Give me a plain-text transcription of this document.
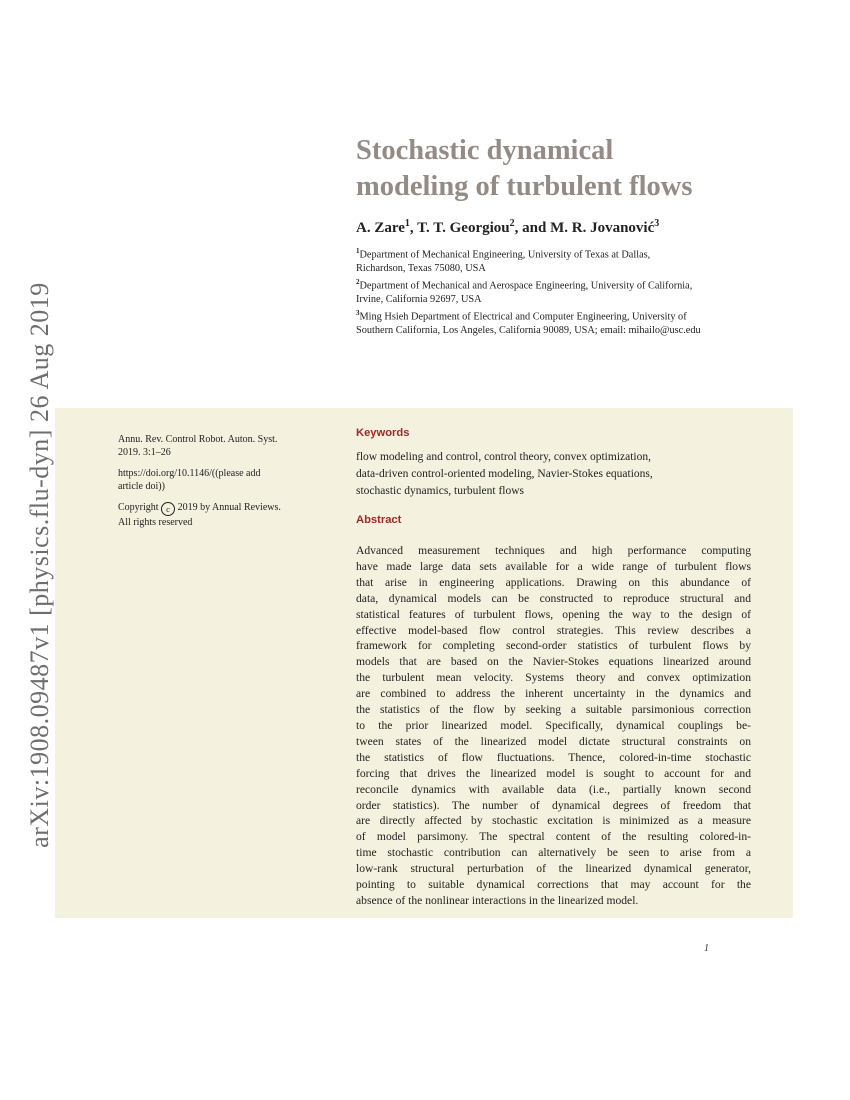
arXiv:1908.09487v1 [physics.flu-dyn] 26 Aug 2019
Stochastic dynamical
modeling of turbulent flows
A. Zare$^1$, T. T. Georgiou$^2$, and M. R. Jovanović$^3$

$^1$Department of Mechanical Engineering, University of Texas at Dallas,
Richardson, Texas 75080, USA

$^2$Department of Mechanical and Aerospace Engineering, University of California,
Irvine, California 92697, USA

$^3$Ming Hsieh Department of Electrical and Computer Engineering, University of
Southern California, Los Angeles, California 90089, USA; email: mihailo@usc.edu

Annu. Rev. Control Robot. Auton. Syst.
2019. 3:1–26

https://doi.org/10.1146/((please add
article doi))

Copyright c 2019 by Annual Reviews.
All rights reserved

Keywords
flow modeling and control, control theory, convex optimization,
data-driven control-oriented modeling, Navier-Stokes equations,
stochastic dynamics, turbulent flows
Abstract
Advanced measurement techniques and high performance computing
have made large data sets available for a wide range of turbulent flows
that arise in engineering applications. Drawing on this abundance of
data, dynamical models can be constructed to reproduce structural and
statistical features of turbulent flows, opening the way to the design of
effective model-based flow control strategies. This review describes a
framework for completing second-order statistics of turbulent flows by
models that are based on the Navier-Stokes equations linearized around
the turbulent mean velocity. Systems theory and convex optimization
are combined to address the inherent uncertainty in the dynamics and
the statistics of the flow by seeking a suitable parsimonious correction
to the prior linearized model. Specifically, dynamical couplings be-
tween states of the linearized model dictate structural constraints on
the statistics of flow fluctuations. Thence, colored-in-time stochastic
forcing that drives the linearized model is sought to account for and
reconcile dynamics with available data (i.e., partially known second
order statistics). The number of dynamical degrees of freedom that
are directly affected by stochastic excitation is minimized as a measure
of model parsimony. The spectral content of the resulting colored-in-
time stochastic contribution can alternatively be seen to arise from a
low-rank structural perturbation of the linearized dynamical generator,
pointing to suitable dynamical corrections that may account for the
absence of the nonlinear interactions in the linearized model.
1
